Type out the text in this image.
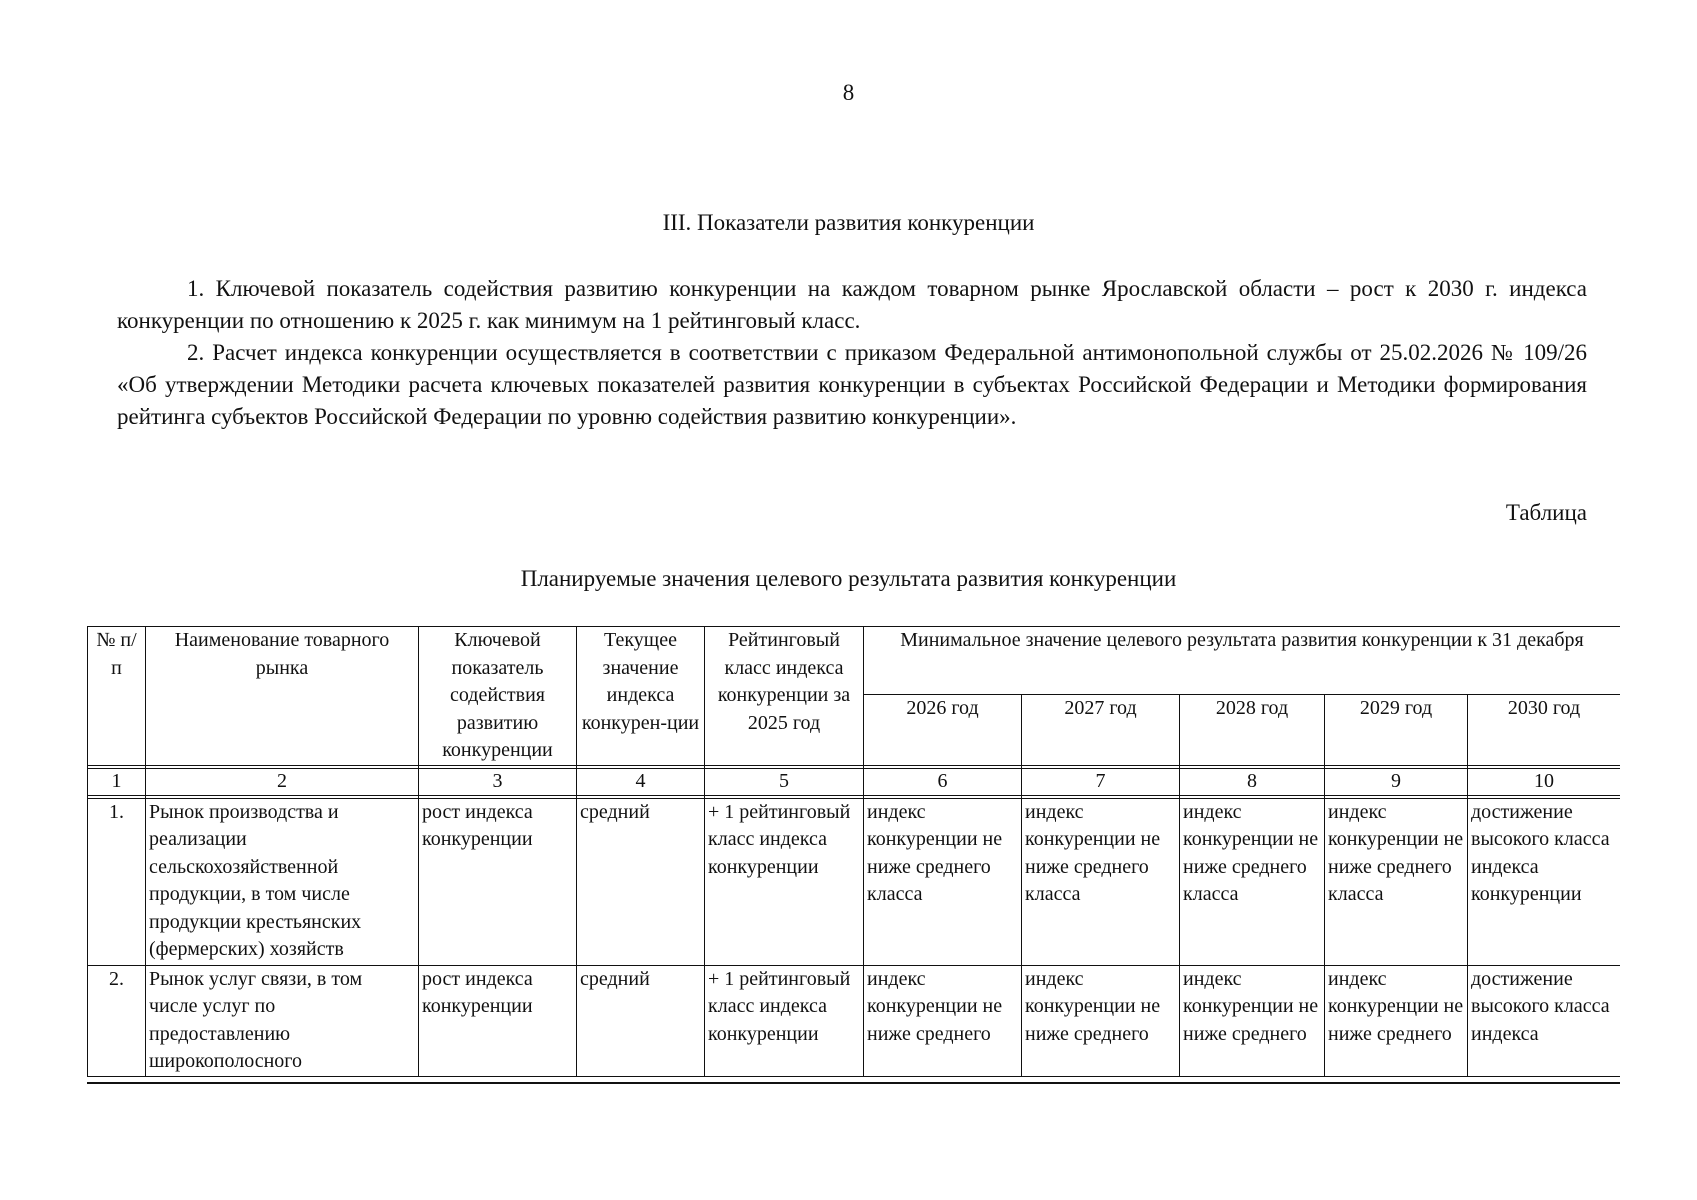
8
III. Показатели развития конкуренции

1. Ключевой показатель содействия развитию конкуренции на каждом товарном рынке Ярославской области – рост к 2030 г. индекса конкуренции по отношению к 2025 г. как минимум на 1 рейтинговый класс.

2. Расчет индекса конкуренции осуществляется в соответствии с приказом Федеральной антимонопольной службы от 25.02.2026 № 109/26 «Об утверждении Методики расчета ключевых показателей развития конкуренции в субъектах Российской Федерации и Методики формирования рейтинга субъектов Российской Федерации по уровню содействия развитию конкуренции».

Таблица
Планируемые значения целевого результата развития конкуренции
№ п/п	Наименование товарного рынка	Ключевой показатель содействия развитию конкуренции	Текущее значение индекса конкурен-ции	Рейтинговый класс индекса конкуренции за 2025 год	Минимальное значение целевого результата развития конкуренции к 31 декабря				
					2026 год	2027 год	2028 год	2029 год	2030 год

1	2	3	4	5	6	7	8	9	10

1.	Рынок производства и реализации сельскохозяйственной продукции, в том числе продукции крестьянских (фермерских) хозяйств	рост индекса конкуренции	средний	+ 1 рейтинговый класс индекса конкуренции	индекс конкуренции не ниже среднего класса	индекс конкуренции не ниже среднего класса	индекс конкуренции не ниже среднего класса	индекс конкуренции не ниже среднего класса	достижение высокого класса индекса конкуренции
2.	Рынок услуг связи, в том числе услуг по предоставлению широкополосного	рост индекса конкуренции	средний	+ 1 рейтинговый класс индекса конкуренции	индекс конкуренции не ниже среднего	индекс конкуренции не ниже среднего	индекс конкуренции не ниже среднего	индекс конкуренции не ниже среднего	достижение высокого класса индекса
